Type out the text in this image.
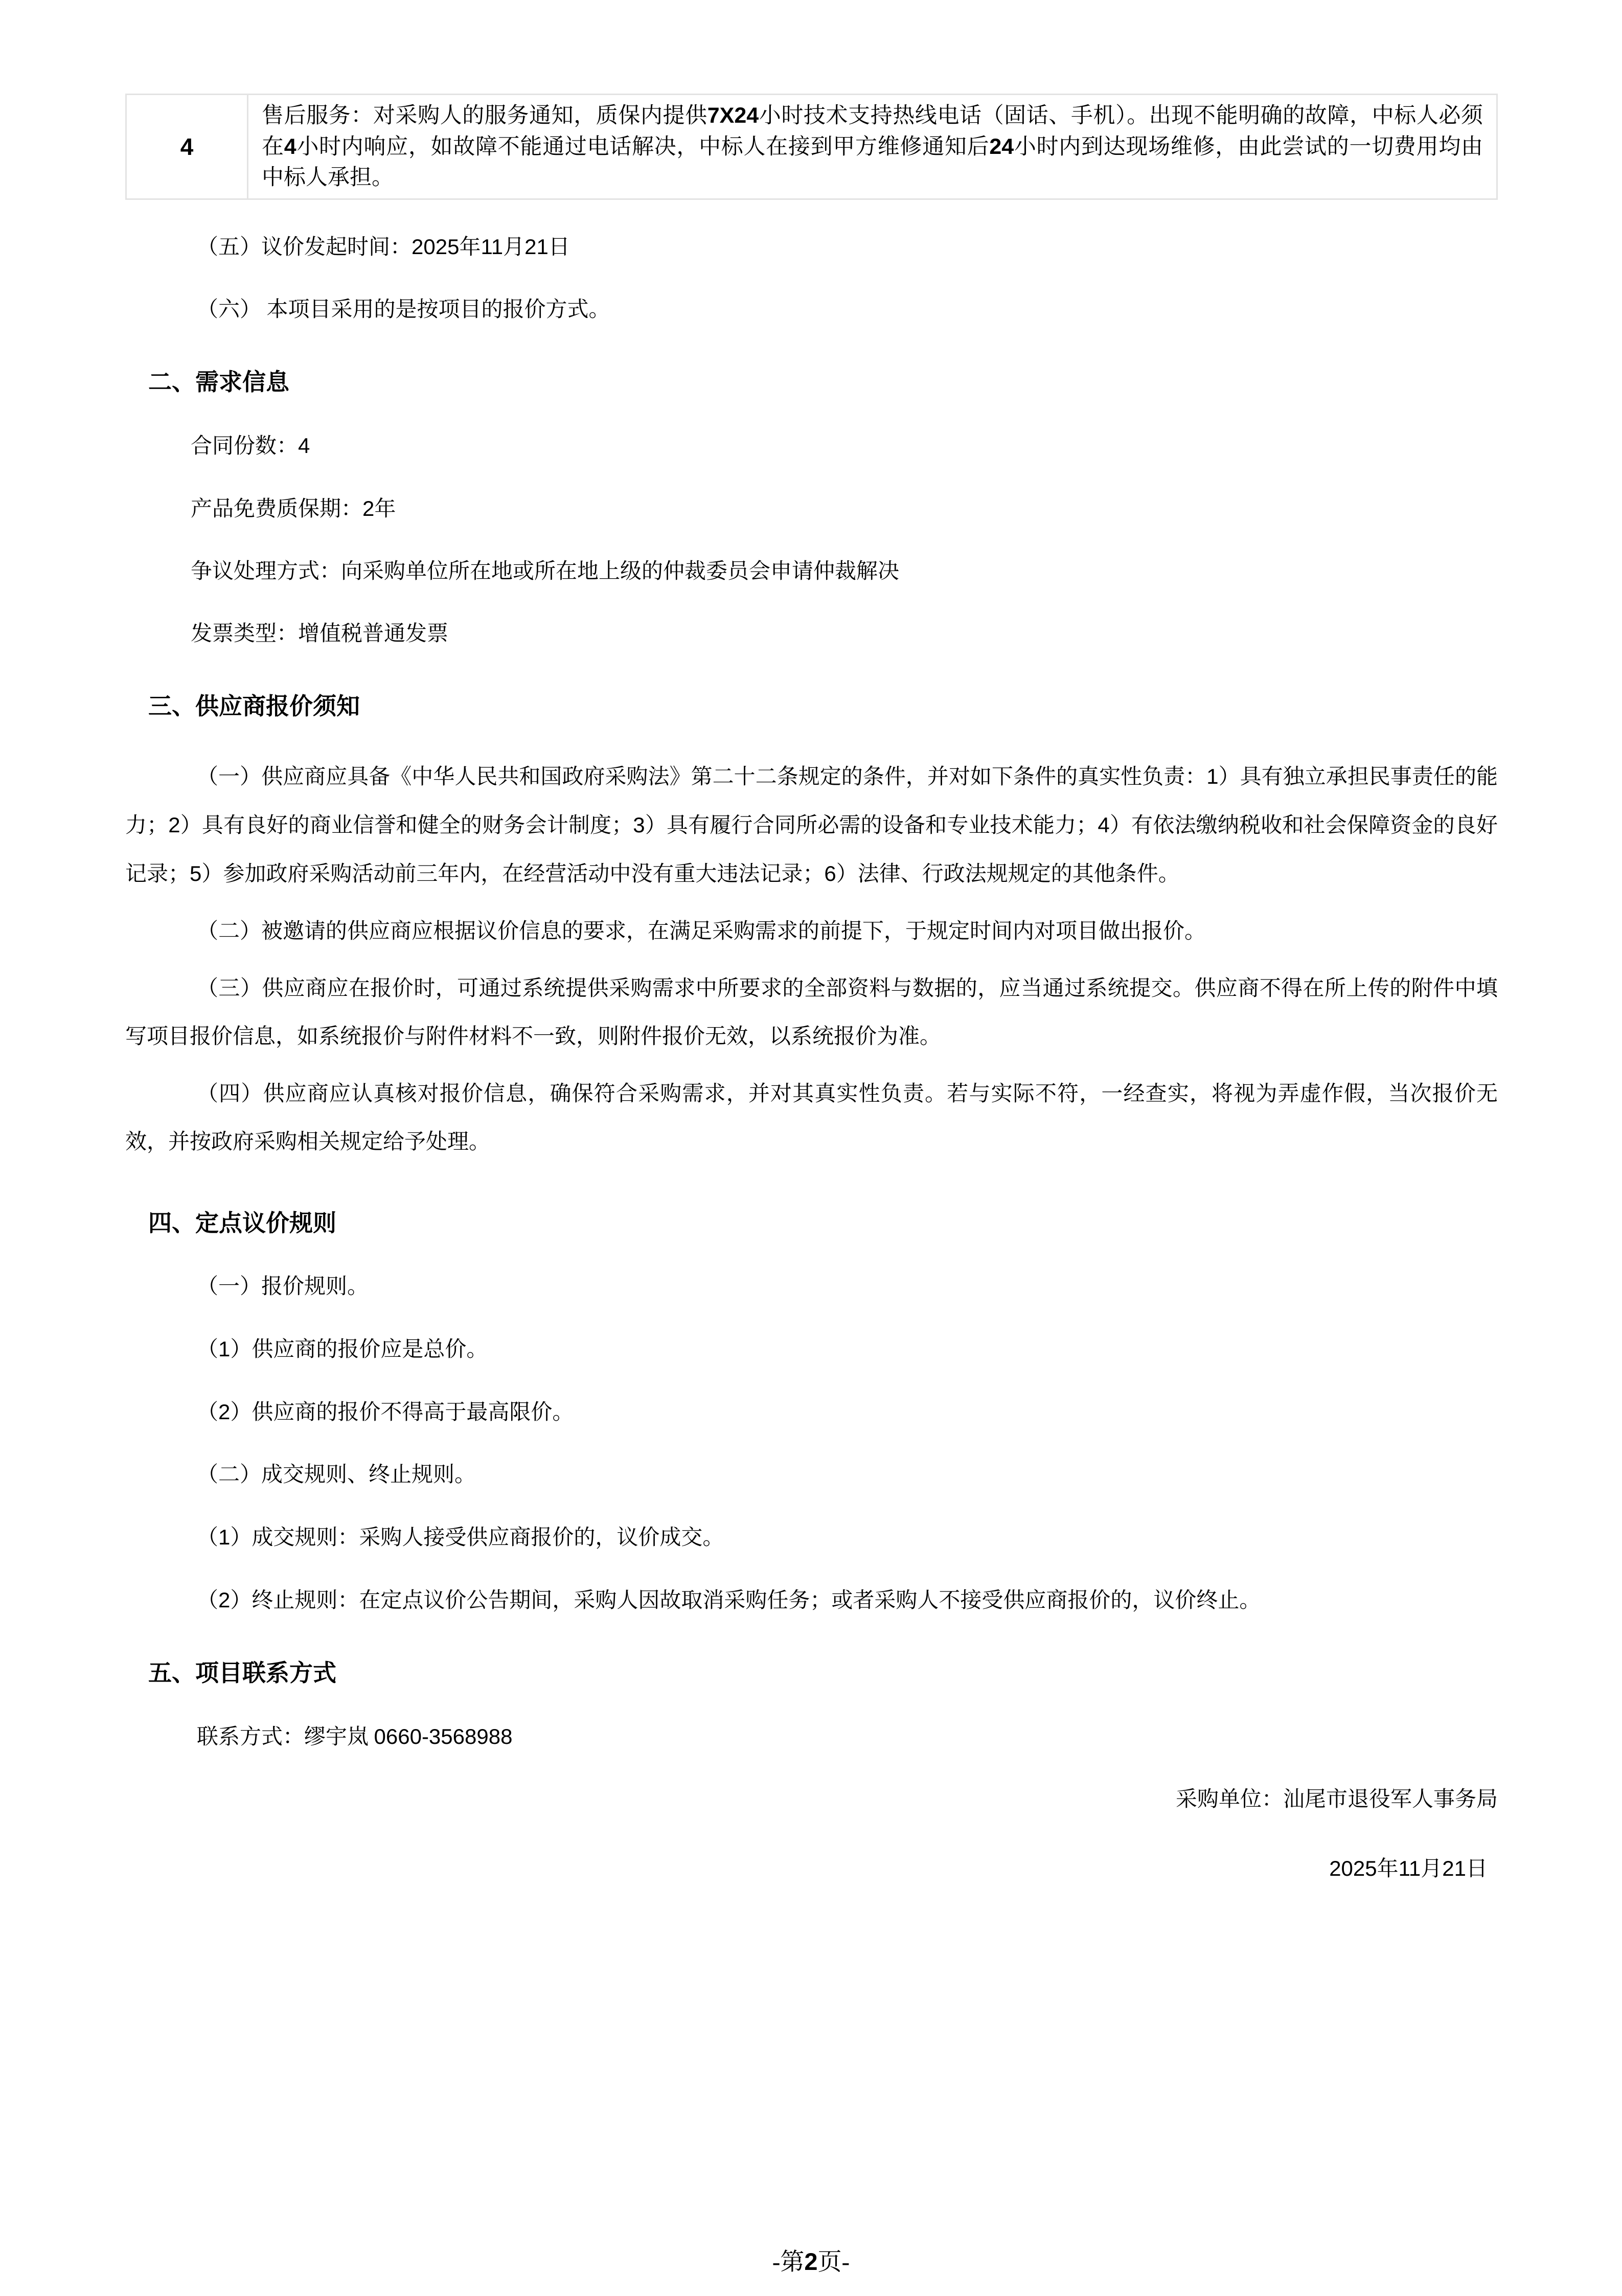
4	售后服务：对采购人的服务通知，质保内提供7X24小时技术支持热线电话（固话、手机）。出现不能明确的故障，中标人必须在4小时内响应，如故障不能通过电话解决，中标人在接到甲方维修通知后24小时内到达现场维修，由此尝试的一切费用均由中标人承担。

（五）议价发起时间：2025年11月21日

（六） 本项目采用的是按项目的报价方式。

二、需求信息

合同份数：4

产品免费质保期：2年

争议处理方式：向采购单位所在地或所在地上级的仲裁委员会申请仲裁解决

发票类型：增值税普通发票

三、供应商报价须知

（一）供应商应具备《中华人民共和国政府采购法》第二十二条规定的条件，并对如下条件的真实性负责：1）具有独立承担民事责任的能力；2）具有良好的商业信誉和健全的财务会计制度；3）具有履行合同所必需的设备和专业技术能力；4）有依法缴纳税收和社会保障资金的良好记录；5）参加政府采购活动前三年内，在经营活动中没有重大违法记录；6）法律、行政法规规定的其他条件。

（二）被邀请的供应商应根据议价信息的要求，在满足采购需求的前提下，于规定时间内对项目做出报价。

（三）供应商应在报价时，可通过系统提供采购需求中所要求的全部资料与数据的，应当通过系统提交。供应商不得在所上传的附件中填写项目报价信息，如系统报价与附件材料不一致，则附件报价无效，以系统报价为准。

（四）供应商应认真核对报价信息，确保符合采购需求，并对其真实性负责。若与实际不符，一经查实，将视为弄虚作假，当次报价无效，并按政府采购相关规定给予处理。

四、定点议价规则

（一）报价规则。

（1）供应商的报价应是总价。

（2）供应商的报价不得高于最高限价。

（二）成交规则、终止规则。

（1）成交规则：采购人接受供应商报价的，议价成交。

（2）终止规则：在定点议价公告期间，采购人因故取消采购任务；或者采购人不接受供应商报价的，议价终止。

五、项目联系方式

联系方式：缪宇岚 0660-3568988

采购单位：汕尾市退役军人事务局

2025年11月21日

-第2页-
